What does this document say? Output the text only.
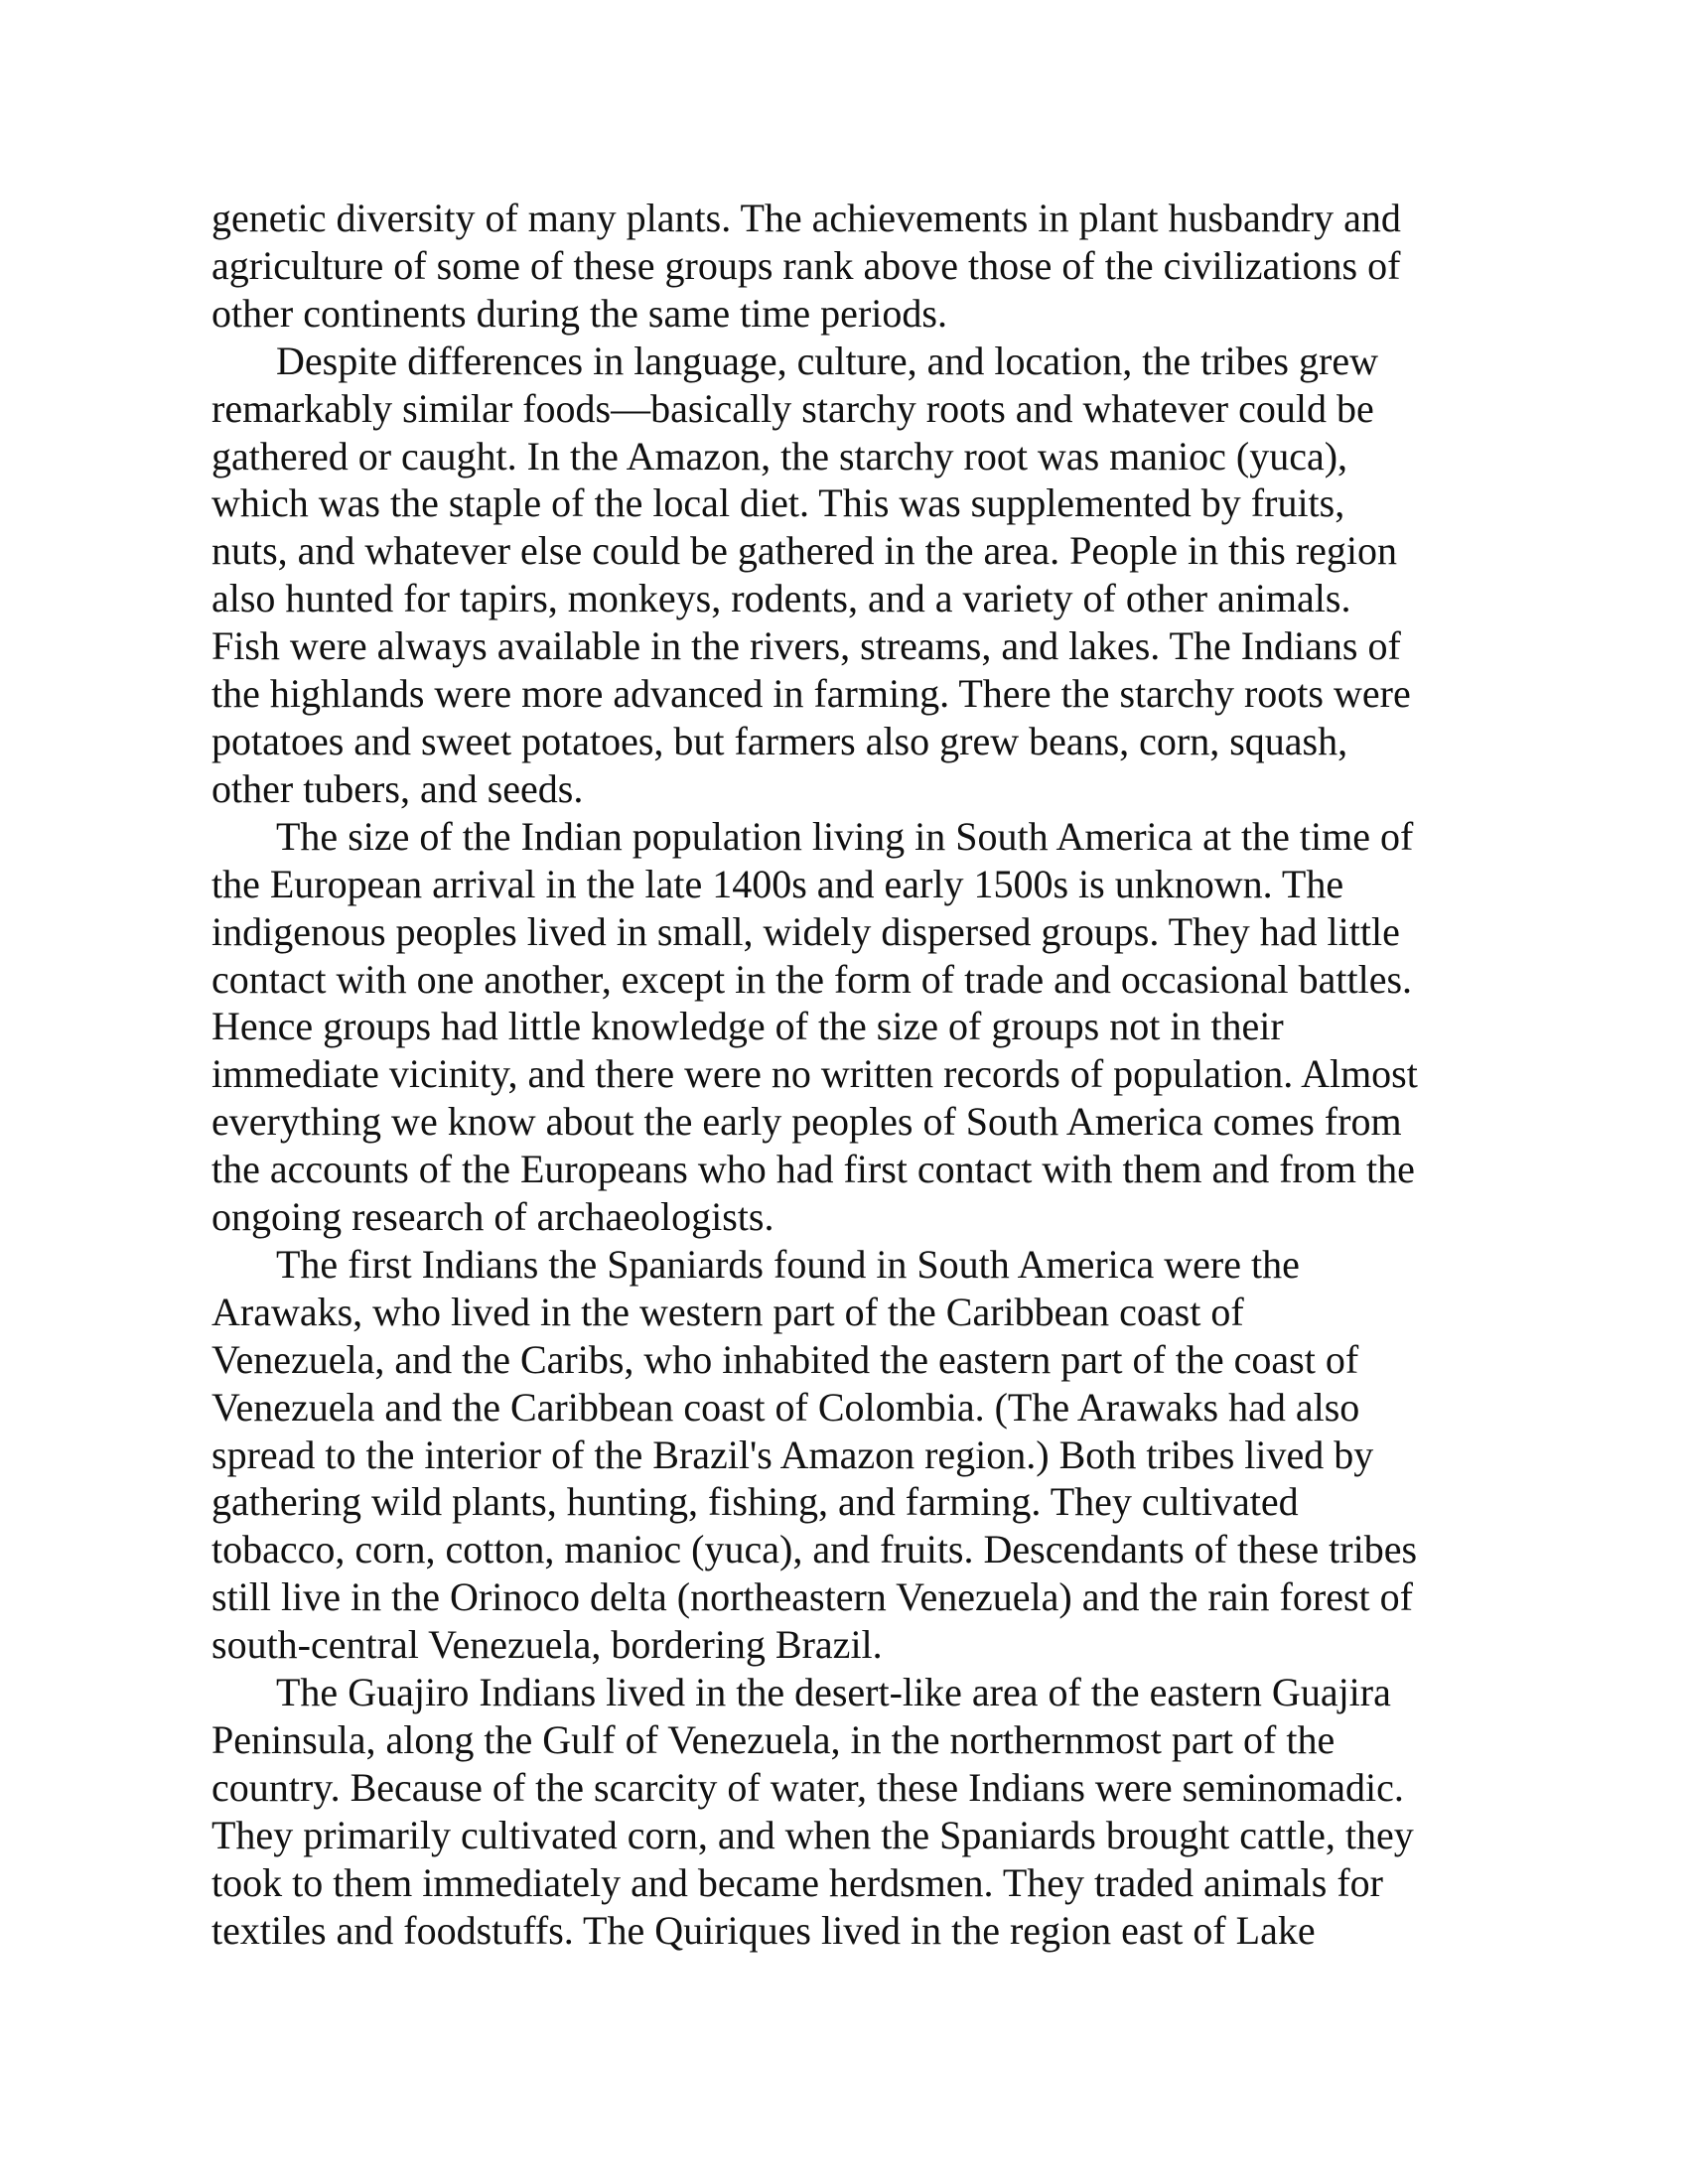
genetic diversity of many plants. The achievements in plant husbandry and
agriculture of some of these groups rank above those of the civilizations of
other continents during the same time periods.
Despite differences in language, culture, and location, the tribes grew
remarkably similar foods—basically starchy roots and whatever could be
gathered or caught. In the Amazon, the starchy root was manioc (yuca),
which was the staple of the local diet. This was supplemented by fruits,
nuts, and whatever else could be gathered in the area. People in this region
also hunted for tapirs, monkeys, rodents, and a variety of other animals.
Fish were always available in the rivers, streams, and lakes. The Indians of
the highlands were more advanced in farming. There the starchy roots were
potatoes and sweet potatoes, but farmers also grew beans, corn, squash,
other tubers, and seeds.
The size of the Indian population living in South America at the time of
the European arrival in the late 1400s and early 1500s is unknown. The
indigenous peoples lived in small, widely dispersed groups. They had little
contact with one another, except in the form of trade and occasional battles.
Hence groups had little knowledge of the size of groups not in their
immediate vicinity, and there were no written records of population. Almost
everything we know about the early peoples of South America comes from
the accounts of the Europeans who had first contact with them and from the
ongoing research of archaeologists.
The first Indians the Spaniards found in South America were the
Arawaks, who lived in the western part of the Caribbean coast of
Venezuela, and the Caribs, who inhabited the eastern part of the coast of
Venezuela and the Caribbean coast of Colombia. (The Arawaks had also
spread to the interior of the Brazil's Amazon region.) Both tribes lived by
gathering wild plants, hunting, fishing, and farming. They cultivated
tobacco, corn, cotton, manioc (yuca), and fruits. Descendants of these tribes
still live in the Orinoco delta (northeastern Venezuela) and the rain forest of
south-central Venezuela, bordering Brazil.
The Guajiro Indians lived in the desert-like area of the eastern Guajira
Peninsula, along the Gulf of Venezuela, in the northernmost part of the
country. Because of the scarcity of water, these Indians were seminomadic.
They primarily cultivated corn, and when the Spaniards brought cattle, they
took to them immediately and became herdsmen. They traded animals for
textiles and foodstuffs. The Quiriques lived in the region east of Lake
